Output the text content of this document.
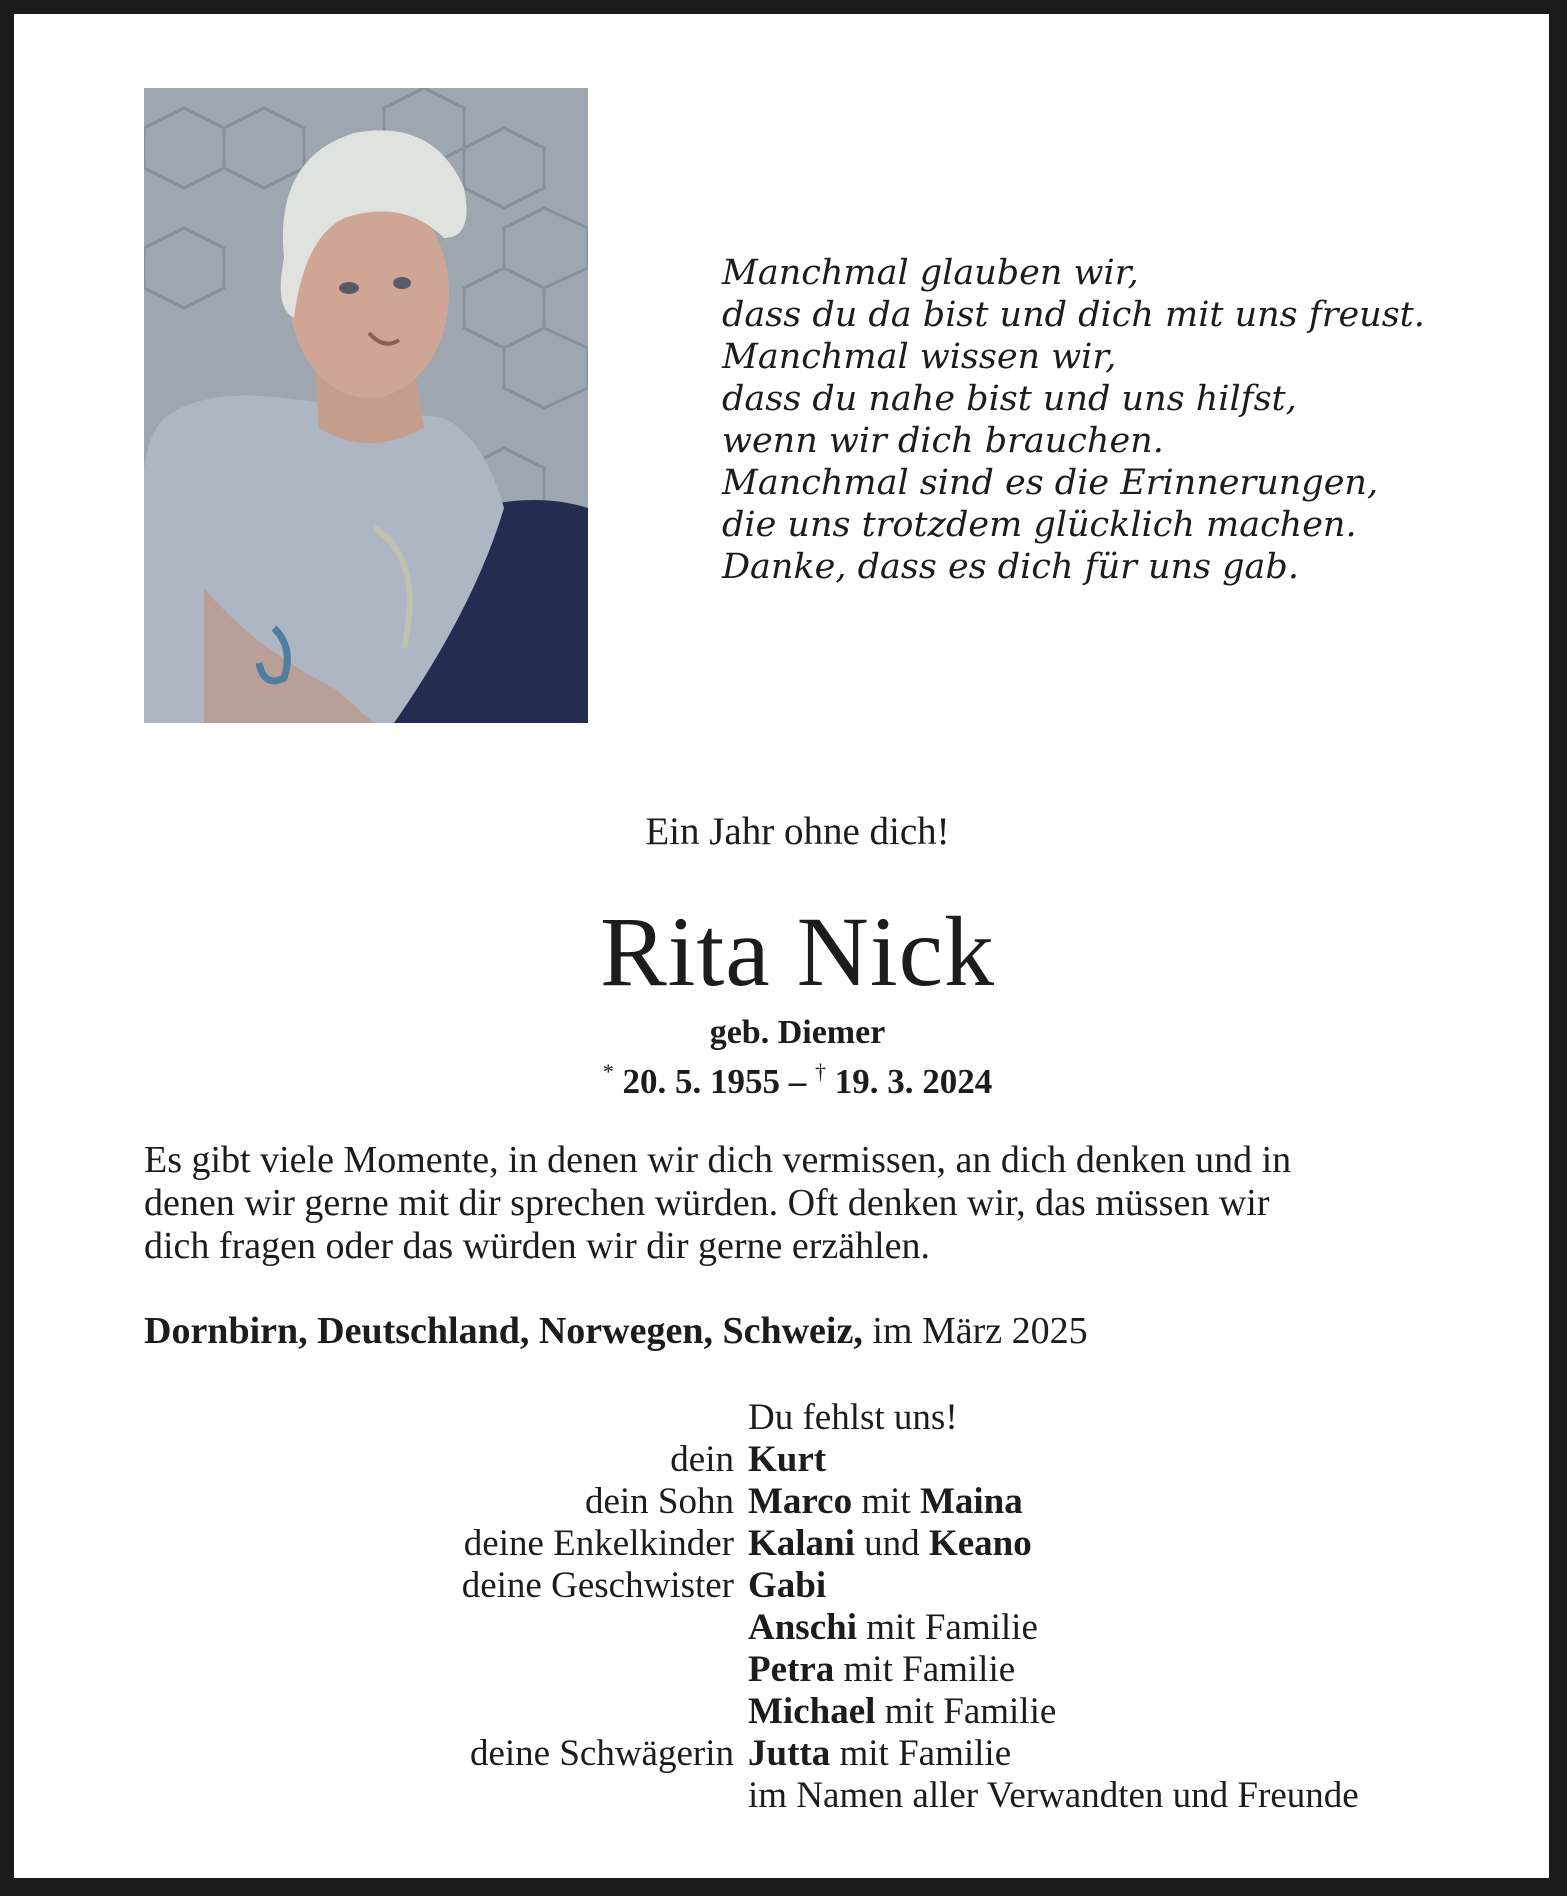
Manchmal glauben wir,
dass du da bist und dich mit uns freust.
Manchmal wissen wir,
dass du nahe bist und uns hilfst,
wenn wir dich brauchen.
Manchmal sind es die Erinnerungen,
die uns trotzdem glücklich machen.
Danke, dass es dich für uns gab.
Ein Jahr ohne dich!
Rita Nick
geb. Diemer
* 20. 5. 1955 – † 19. 3. 2024
Es gibt viele Momente, in denen wir dich vermissen, an dich denken und in
denen wir gerne mit dir sprechen würden. Oft denken wir, das müssen wir
dich fragen oder das würden wir dir gerne erzählen.
Dornbirn, Deutschland, Norwegen, Schweiz, im März 2025
Du fehlst uns!
dein Kurt
dein Sohn Marco mit Maina
deine Enkelkinder Kalani und Keano
deine Geschwister Gabi
Anschi mit Familie
Petra mit Familie
Michael mit Familie
deine Schwägerin Jutta mit Familie
im Namen aller Verwandten und Freunde
